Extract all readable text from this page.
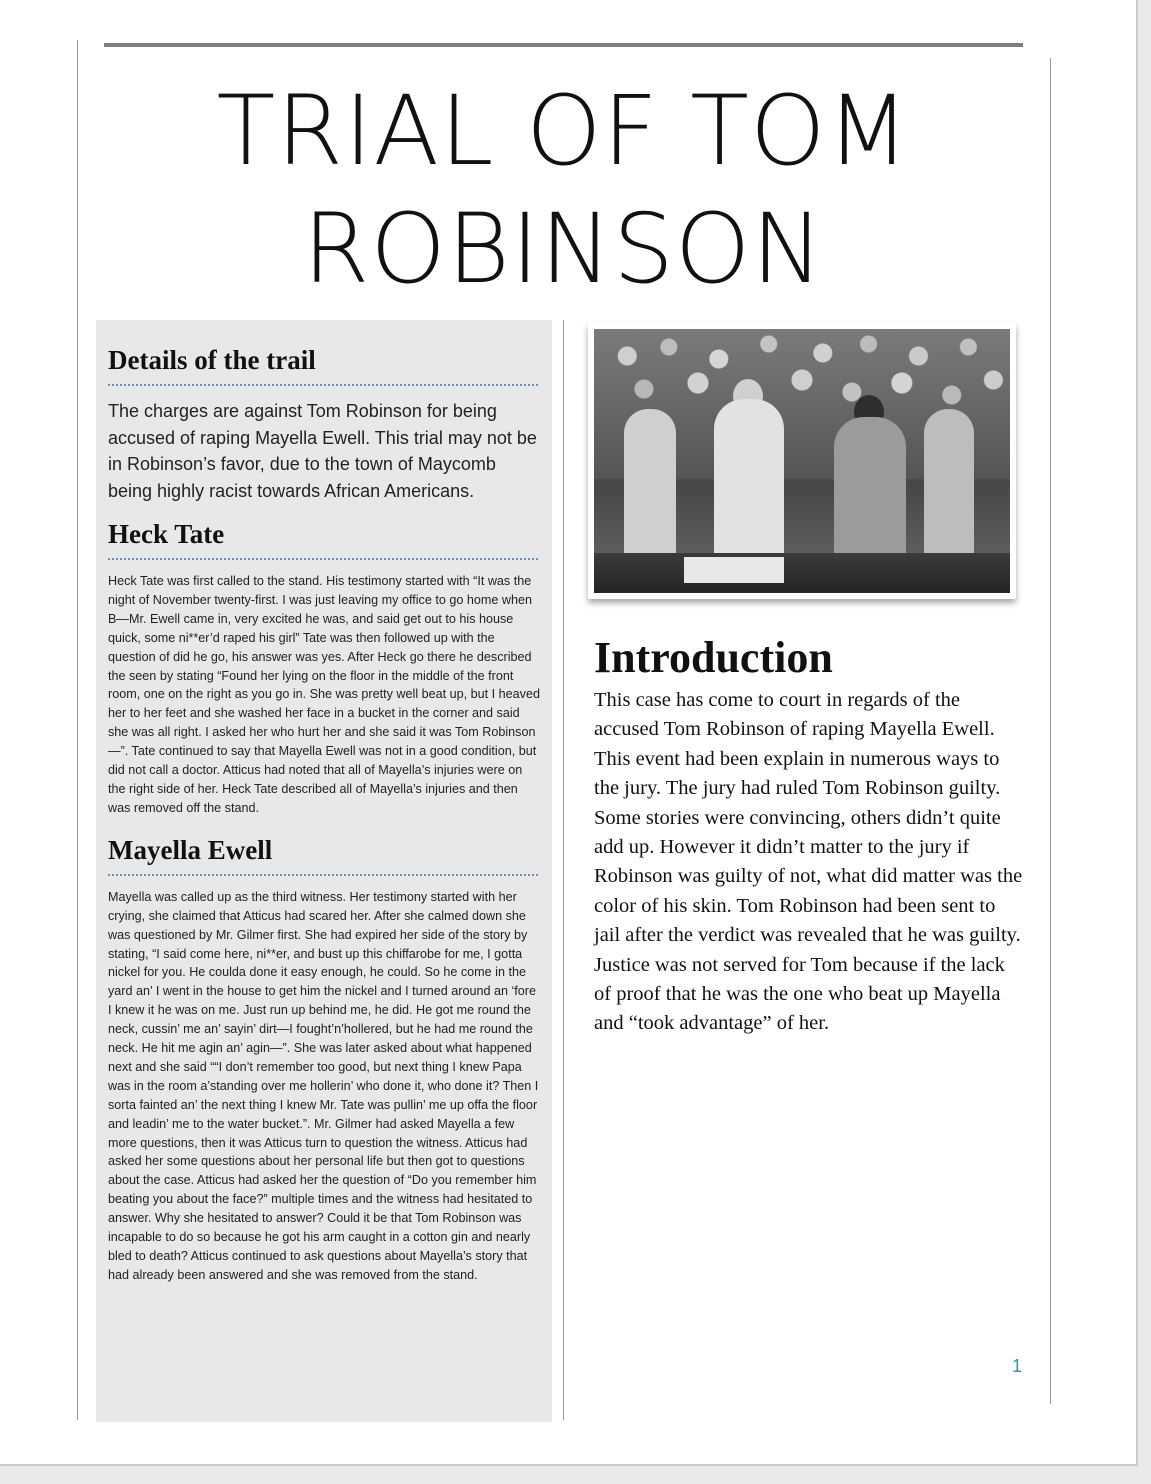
TRIAL OF TOM
ROBINSON
Details of the trail

The charges are against Tom Robinson for being accused of raping Mayella Ewell. This trial may not be in Robinson’s favor, due to the town of Maycomb being highly racist towards African Americans.

Heck Tate

Heck Tate was first called to the stand. His testimony started with “It was the night of November twenty-first. I was just leaving my office to go home when B—Mr. Ewell came in, very excited he was, and said get out to his house quick, some ni**er’d raped his girl” Tate was then followed up with the question of did he go, his answer was yes. After Heck go there he described the seen by stating “Found her lying on the floor in the middle of the front room, one on the right as you go in. She was pretty well beat up, but I heaved her to her feet and she washed her face in a bucket in the corner and said she was all right. I asked her who hurt her and she said it was Tom Robinson—”. Tate continued to say that Mayella Ewell was not in a good condition, but did not call a doctor. Atticus had noted that all of Mayella’s injuries were on the right side of her. Heck Tate described all of Mayella’s injuries and then was removed off the stand.

Mayella Ewell

Mayella was called up as the third witness. Her testimony started with her crying, she claimed that Atticus had scared her. After she calmed down she was questioned by Mr. Gilmer first. She had expired her side of the story by stating, “I said come here, ni**er, and bust up this chiffarobe for me, I gotta nickel for you. He coulda done it easy enough, he could. So he come in the yard an’ I went in the house to get him the nickel and I turned around an ‘fore I knew it he was on me. Just run up behind me, he did. He got me round the neck, cussin’ me an’ sayin’ dirt—I fought’n’hollered, but he had me round the neck. He hit me agin an’ agin—”. She was later asked about what happened next and she said ““I don’t remember too good, but next thing I knew Papa was in the room a’standing over me hollerin’ who done it, who done it? Then I sorta fainted an’ the next thing I knew Mr. Tate was pullin’ me up offa the floor and leadin’ me to the water bucket.”. Mr. Gilmer had asked Mayella a few more questions, then it was Atticus turn to question the witness. Atticus had asked her some questions about her personal life but then got to questions about the case. Atticus had asked her the question of “Do you remember him beating you about the face?” multiple times and the witness had hesitated to answer. Why she hesitated to answer? Could it be that Tom Robinson was incapable to do so because he got his arm caught in a cotton gin and nearly bled to death? Atticus continued to ask questions about Mayella’s story that had already been answered and she was removed from the stand.

Introduction

This case has come to court in regards of the accused Tom Robinson of raping Mayella Ewell. This event had been explain in numerous ways to the jury. The jury had ruled Tom Robinson guilty. Some stories were convincing, others didn’t quite add up. However it didn’t matter to the jury if Robinson was guilty of not, what did matter was the color of his skin. Tom Robinson had been sent to jail after the verdict was revealed that he was guilty. Justice was not served for Tom because if the lack of proof that he was the one who beat up Mayella and “took advantage” of her.

1
